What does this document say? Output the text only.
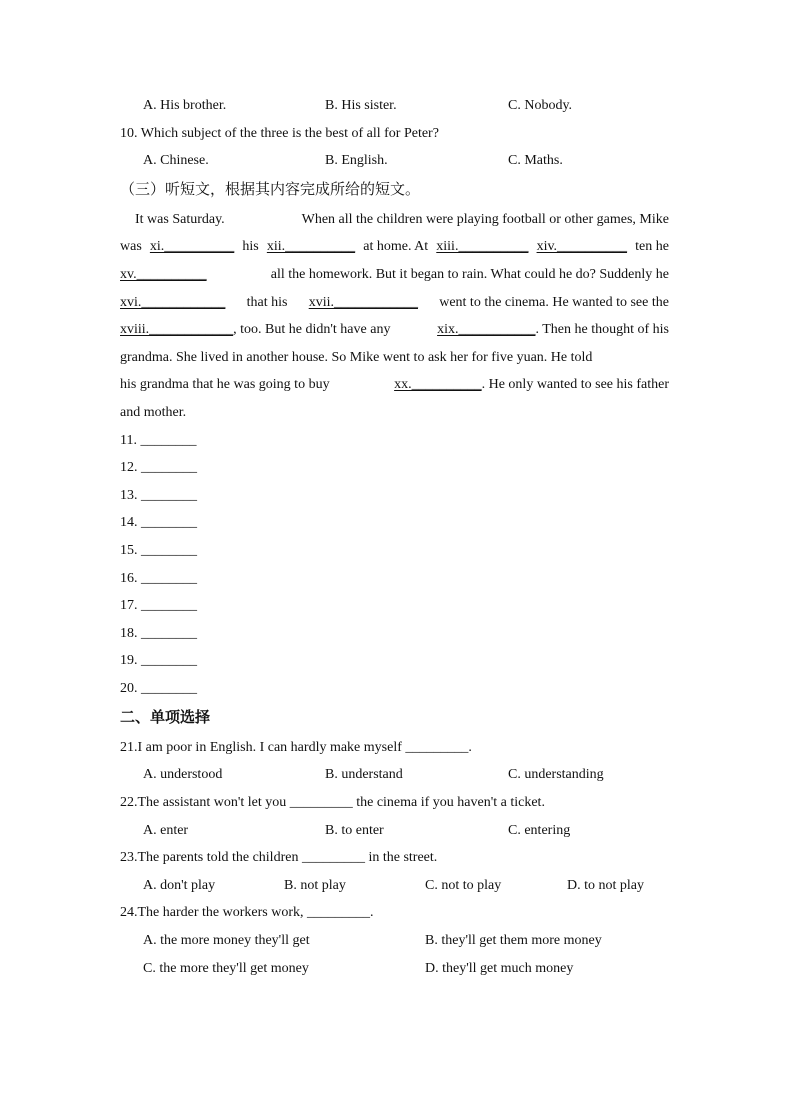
A. His brother.	B. His sister.	C. Nobody.
10. Which subject of the three is the best of all for Peter?
A. Chinese.	B. English.	C. Maths.
（三）听短文，根据其内容完成所给的短文。
It was Saturday.	When all the children were playing football or other games, Mike
was xi.__________ his xii.__________ at home. At xiii.__________ xiv.__________ ten he
xv.__________	all the homework. But it began to rain. What could he do? Suddenly he
xvi.____________ that his xvii.____________ went to the cinema. He wanted to see the
xviii.____________, too. But he didn't have any	xix.___________. Then he thought of his
grandma. She lived in another house. So Mike went to ask her for five yuan. He told
his grandma that he was going to buy	xx.__________. He only wanted to see his father
and mother.
11. ________
12. ________
13. ________
14. ________
15. ________
16. ________
17. ________
18. ________
19. ________
20. ________
二、单项选择
21.I am poor in English. I can hardly make myself _________.
A. understood	B. understand	C. understanding
22.The assistant won't let you _________ the cinema if you haven't a ticket.
A. enter	B. to enter	C. entering
23.The parents told the children _________ in the street.
A. don't play	B. not play	C. not to play	D. to not play
24.The harder the workers work, _________.
A. the more money they'll get	B. they'll get them more money
C. the more they'll get money	D. they'll get much money
